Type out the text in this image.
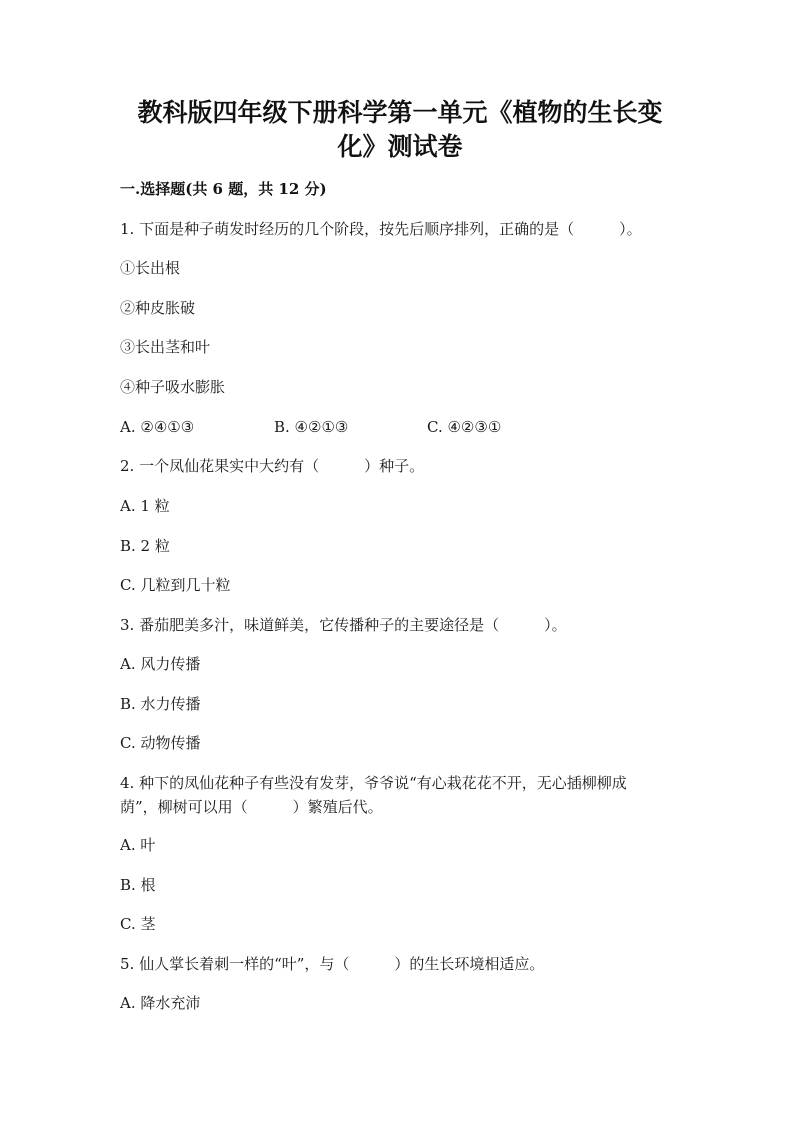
教科版四年级下册科学第一单元《植物的生长变
化》测试卷
一.选择题(共 6 题，共 12 分)
1. 下面是种子萌发时经历的几个阶段，按先后顺序排列，正确的是（　　　）。
①长出根
②种皮胀破
③长出茎和叶
④种子吸水膨胀
A. ②④①③	B. ④②①③	C. ④②③①
2. 一个凤仙花果实中大约有（　　　）种子。
A. 1 粒
B. 2 粒
C. 几粒到几十粒
3. 番茄肥美多汁，味道鲜美，它传播种子的主要途径是（　　　）。
A. 风力传播
B. 水力传播
C. 动物传播
4. 种下的凤仙花种子有些没有发芽，爷爷说“有心栽花花不开，无心插柳柳成
荫”，柳树可以用（　　　）繁殖后代。
A. 叶
B. 根
C. 茎
5. 仙人掌长着刺一样的“叶”，与（　　　）的生长环境相适应。
A. 降水充沛
